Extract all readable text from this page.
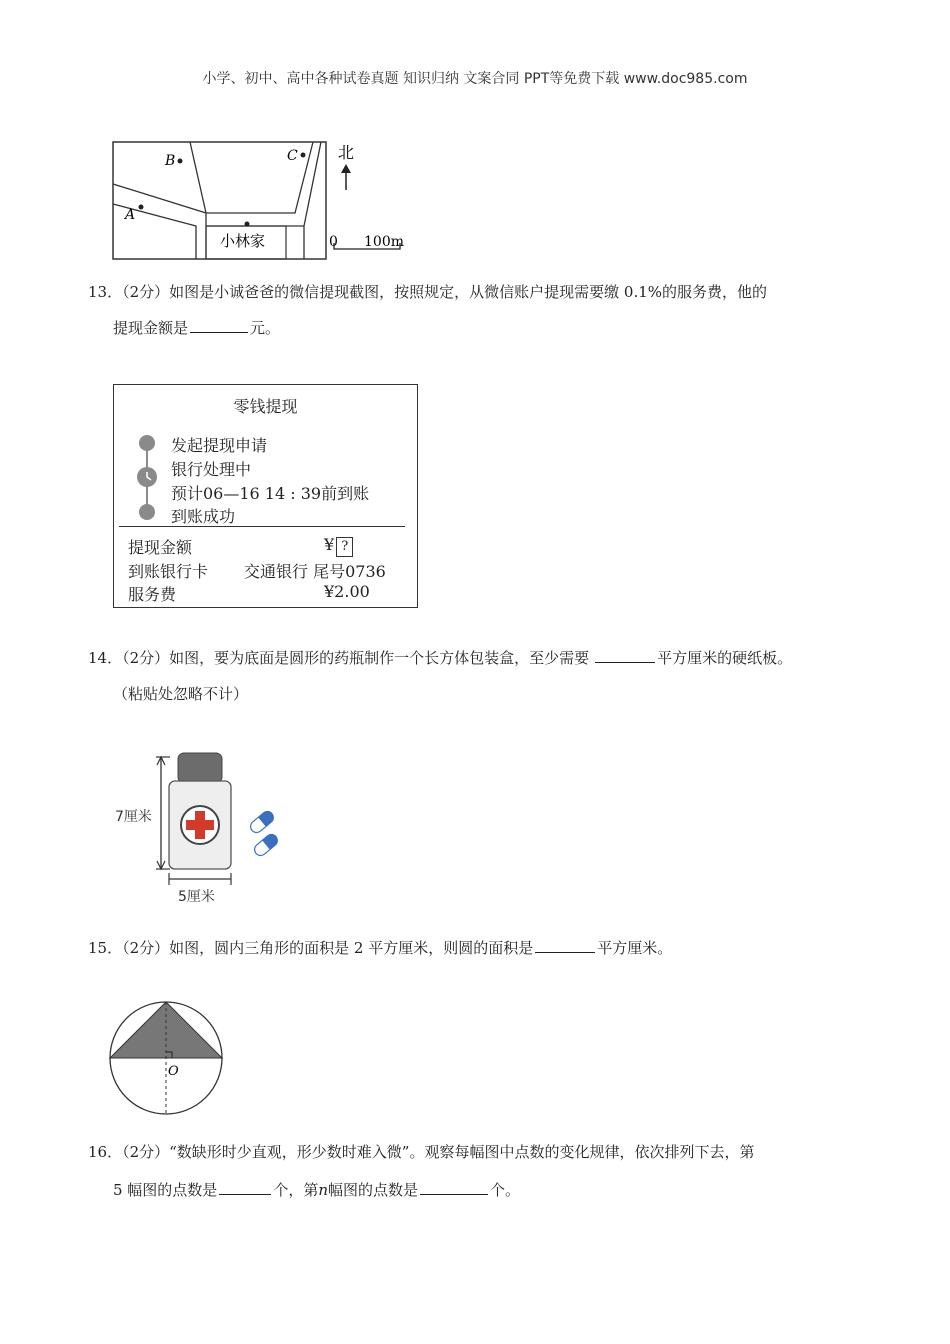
小学、初中、高中各种试卷真题 知识归纳 文案合同 PPT等免费下载 www.doc985.com
A
B	C
小林家
北
0 100m
13．（2分）如图是小诚爸爸的微信提现截图，按照规定，从微信账户提现需要缴 0.1%的服务费，他的
提现金额是	元。
零钱提现
发起提现申请
银行处理中
预计06—16 14 : 39前到账
到账成功
提现金额	¥ ?
到账银行卡 交通银行 尾号0736
服务费	¥2.00
14．（2分）如图，要为底面是圆形的药瓶制作一个长方体包装盒，至少需要	平方厘米的硬纸板。
（粘贴处忽略不计）
7厘米
5厘米
15．（2分）如图，圆内三角形的面积是 2 平方厘米，则圆的面积是	平方厘米。
O
16．（2分）“数缺形时少直观，形少数时难入微”。观察每幅图中点数的变化规律，依次排列下去，第
5 幅图的点数是	个，第n幅图的点数是	个。
